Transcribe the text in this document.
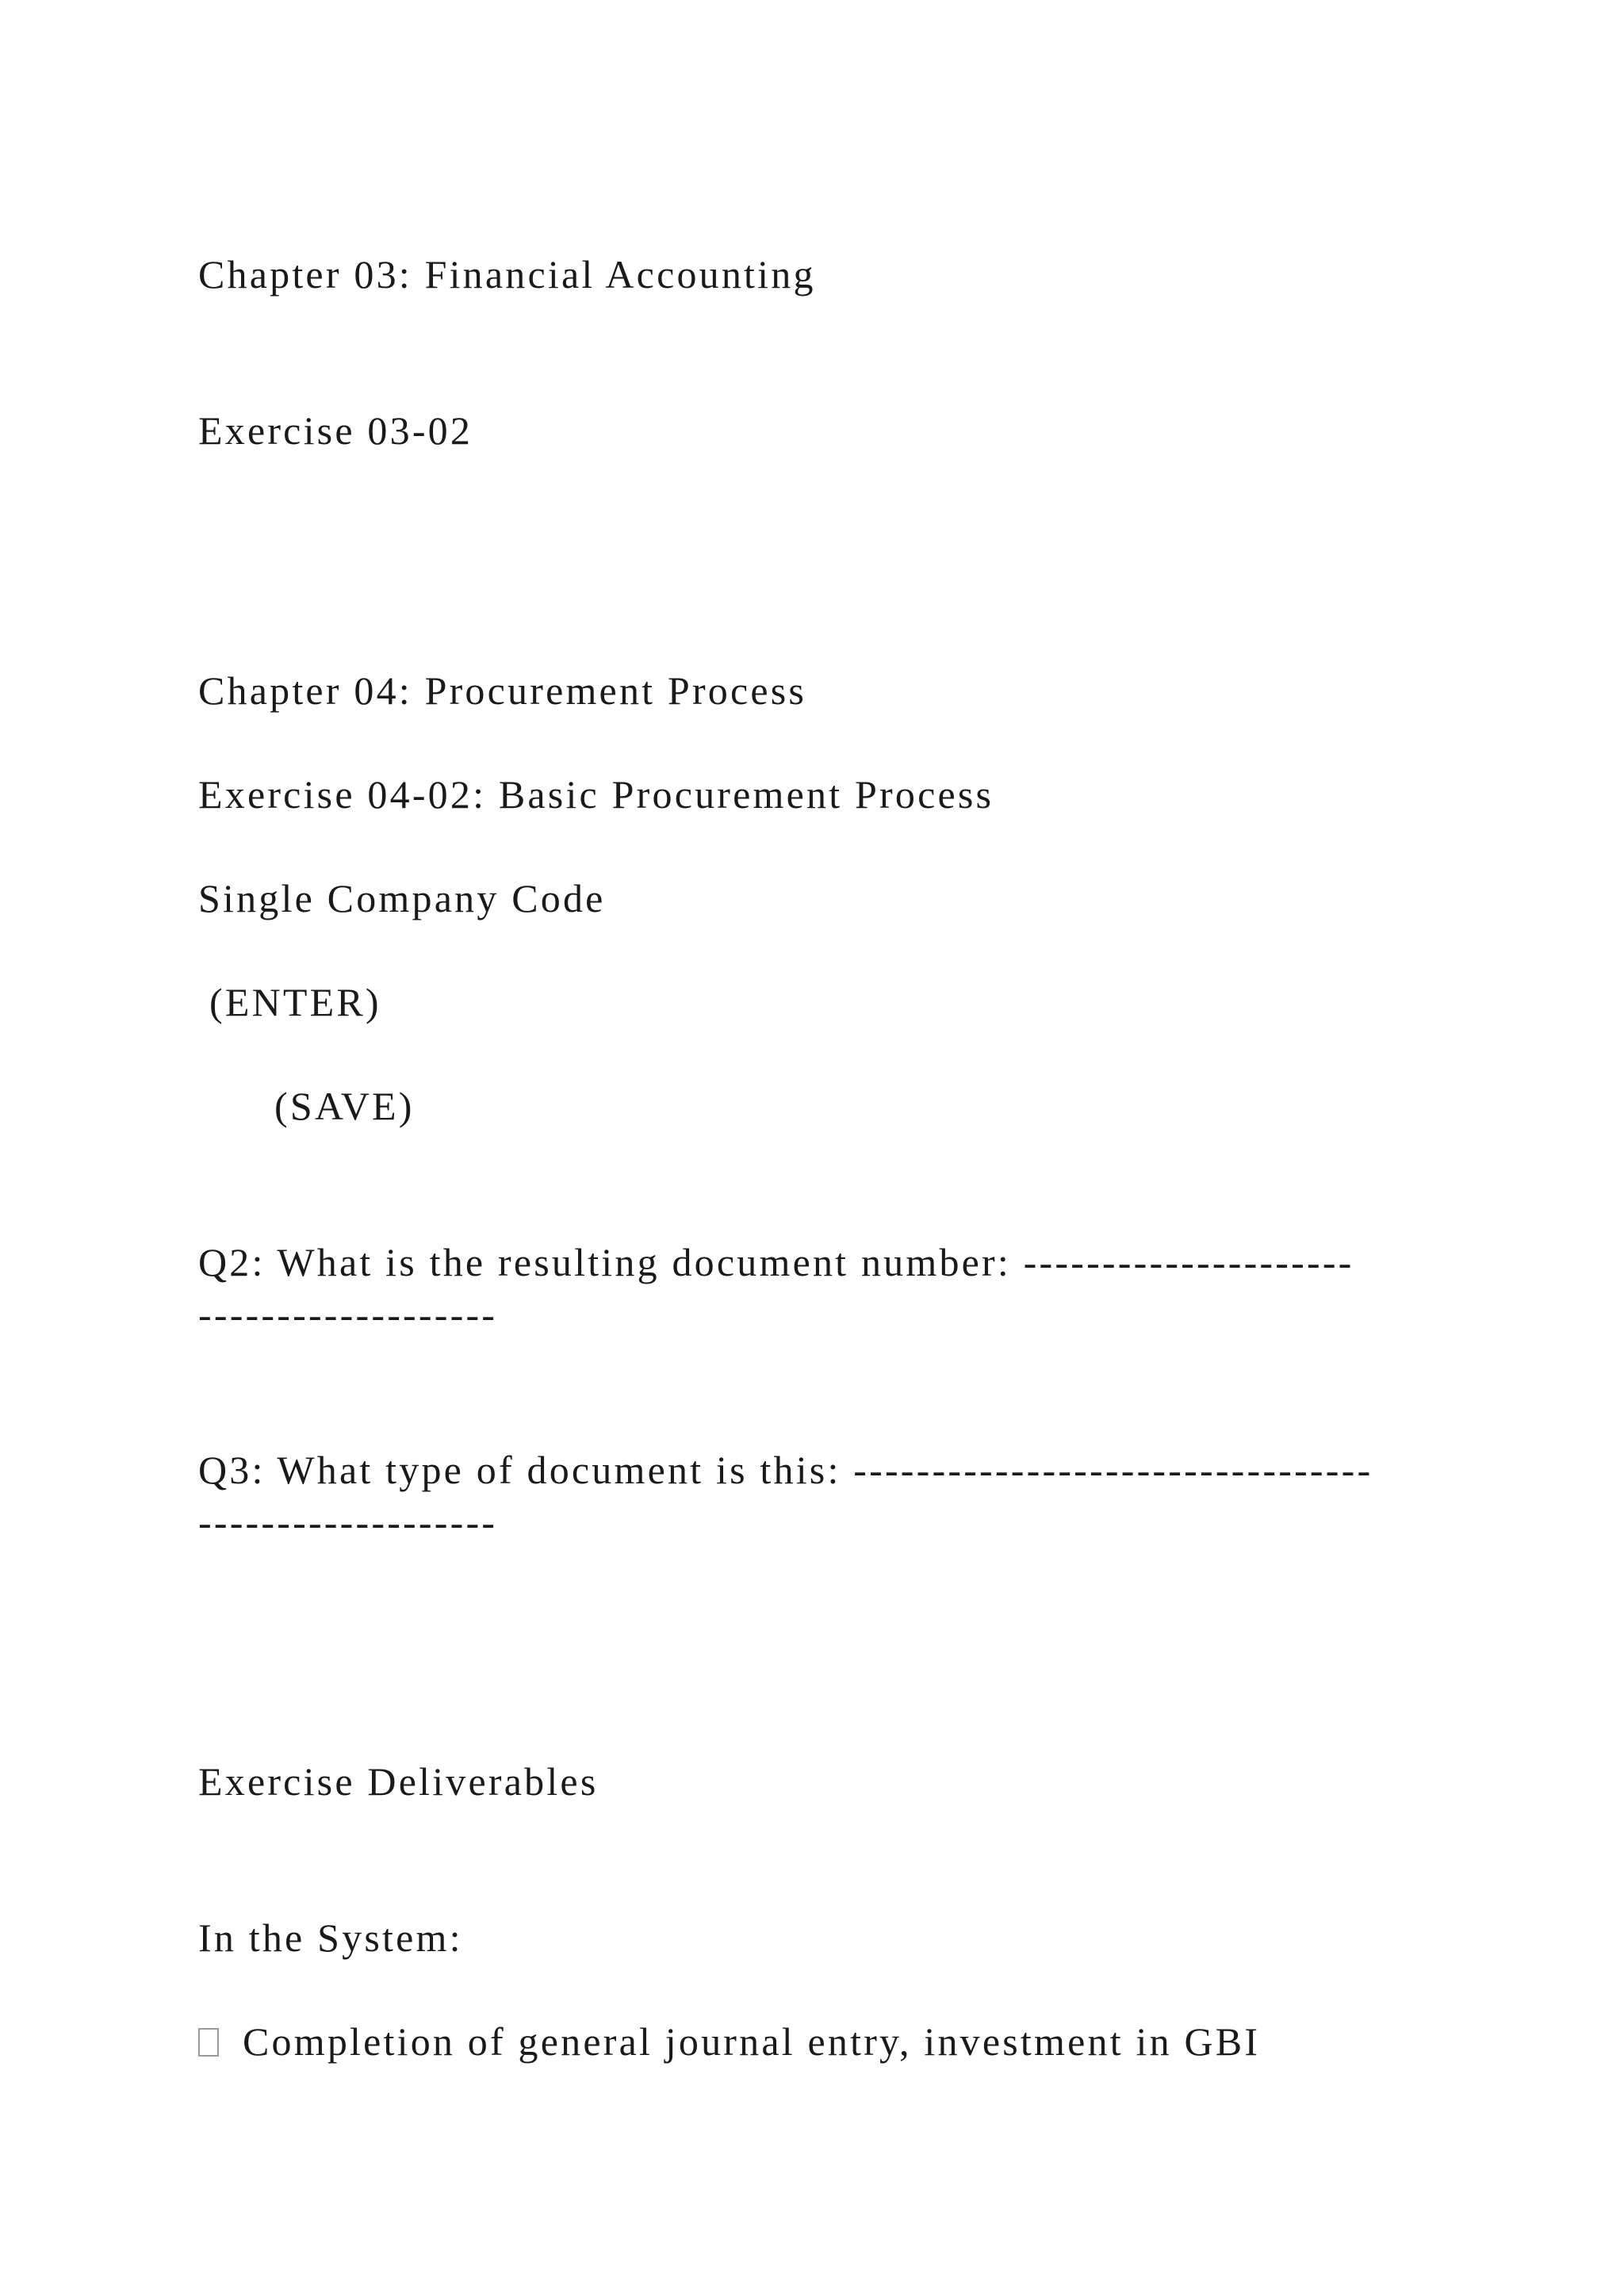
Chapter 03: Financial Accounting
Exercise 03-02
Chapter 04: Procurement Process
Exercise 04-02: Basic Procurement Process
Single Company Code
(ENTER)
(SAVE)
Q2: What is the resulting document number: ---------------------
-------------------
Q3: What type of document is this: ---------------------------------
-------------------
Exercise Deliverables
In the System:
Completion of general journal entry, investment in GBI
